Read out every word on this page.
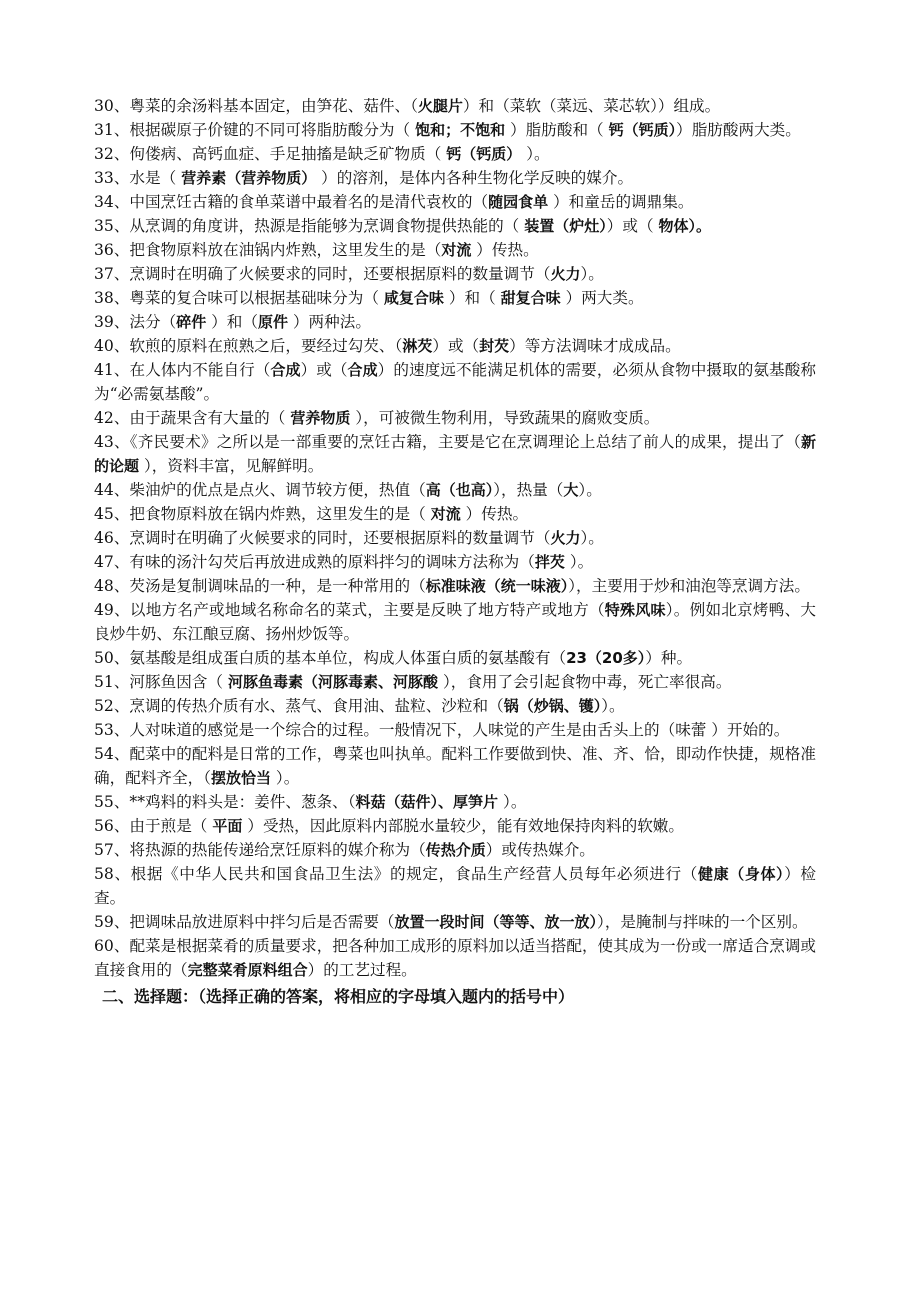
30、粤菜的余汤料基本固定，由笋花、菇件、（火腿片）和（菜软（菜远、菜芯软））组成。

31、根据碳原子价键的不同可将脂肪酸分为（ 饱和；不饱和 ）脂肪酸和（ 钙（钙质））脂肪酸两大类。

32、佝偻病、高钙血症、手足抽搐是缺乏矿物质（ 钙（钙质） ）。

33、水是（ 营养素（营养物质） ）的溶剂，是体内各种生物化学反映的媒介。

34、中国烹饪古籍的食单菜谱中最着名的是清代袁枚的（随园食单 ）和童岳的调鼎集。

35、从烹调的角度讲，热源是指能够为烹调食物提供热能的（ 装置（炉灶））或（ 物体）。

36、把食物原料放在油锅内炸熟，这里发生的是（对流 ）传热。

37、烹调时在明确了火候要求的同时，还要根据原料的数量调节（火力）。

38、粤菜的复合味可以根据基础味分为（ 咸复合味 ）和（ 甜复合味 ）两大类。

39、法分（碎件 ）和（原件 ）两种法。

40、软煎的原料在煎熟之后，要经过勾芡、（淋芡）或（封芡）等方法调味才成成品。

41、在人体内不能自行（合成）或（合成）的速度远不能满足机体的需要，必须从食物中摄取的氨基酸称为“必需氨基酸”。

42、由于蔬果含有大量的（ 营养物质 ），可被微生物利用，导致蔬果的腐败变质。

43、《齐民要术》之所以是一部重要的烹饪古籍，主要是它在烹调理论上总结了前人的成果，提出了（新的论题 ），资料丰富，见解鲜明。

44、柴油炉的优点是点火、调节较方便，热值（高（也高）），热量（大）。

45、把食物原料放在锅内炸熟，这里发生的是（ 对流 ）传热。

46、烹调时在明确了火候要求的同时，还要根据原料的数量调节（火力）。

47、有味的汤汁勾芡后再放进成熟的原料拌匀的调味方法称为（拌芡 ）。

48、芡汤是复制调味品的一种，是一种常用的（标准味液（统一味液）），主要用于炒和油泡等烹调方法。

49、以地方名产或地域名称命名的菜式，主要是反映了地方特产或地方（特殊风味）。例如北京烤鸭、大良炒牛奶、东江酿豆腐、扬州炒饭等。

50、氨基酸是组成蛋白质的基本单位，构成人体蛋白质的氨基酸有（23（20多））种。

51、河豚鱼因含（ 河豚鱼毒素（河豚毒素、河豚酸 ），食用了会引起食物中毒，死亡率很高。

52、烹调的传热介质有水、蒸气、食用油、盐粒、沙粒和（锅（炒锅、镬））。

53、人对味道的感觉是一个综合的过程。一般情况下，人味觉的产生是由舌头上的（味蕾 ）开始的。

54、配菜中的配料是日常的工作，粤菜也叫执单。配料工作要做到快、准、齐、恰，即动作快捷，规格准确，配料齐全，（摆放恰当 ）。

55、**鸡料的料头是：姜件、葱条、（料菇（菇件）、厚笋片 ）。

56、由于煎是（ 平面 ）受热，因此原料内部脱水量较少，能有效地保持肉料的软嫩。

57、将热源的热能传递给烹饪原料的媒介称为（传热介质）或传热媒介。

58、根据《中华人民共和国食品卫生法》的规定，食品生产经营人员每年必须进行（健康（身体））检查。

59、把调味品放进原料中拌匀后是否需要（放置一段时间（等等、放一放）），是腌制与拌味的一个区别。

60、配菜是根据菜肴的质量要求，把各种加工成形的原料加以适当搭配，使其成为一份或一席适合烹调或直接食用的（完整菜肴原料组合）的工艺过程。

二、选择题：（选择正确的答案，将相应的字母填入题内的括号中）
